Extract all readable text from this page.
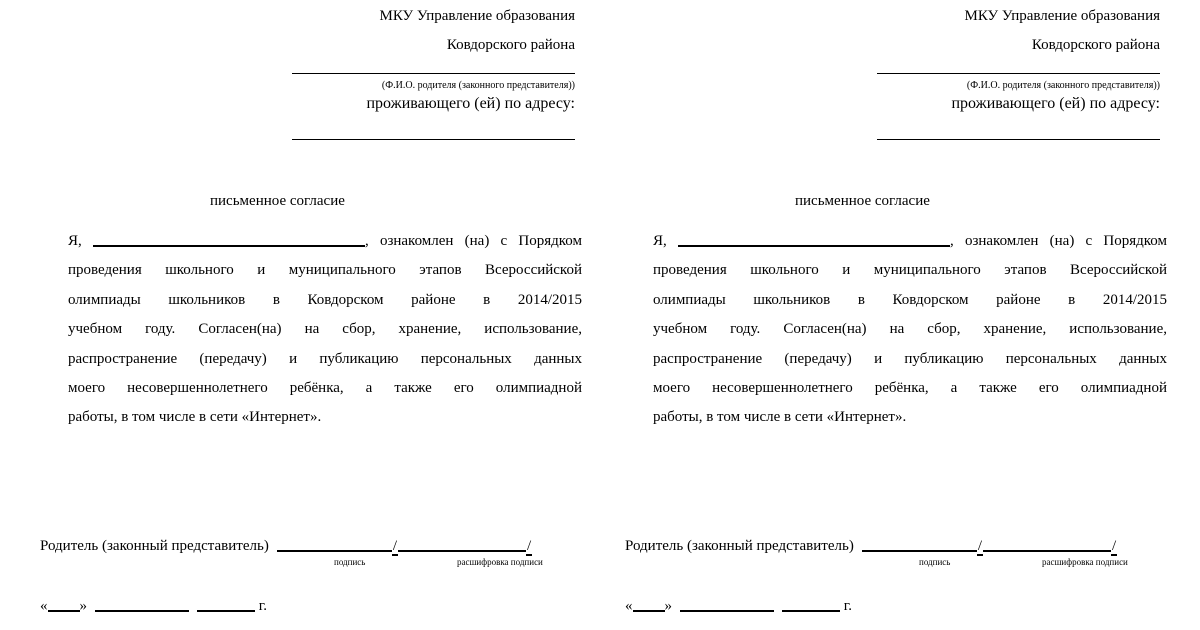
МКУ Управление образования
Ковдорского района
(Ф.И.О. родителя (законного представителя))
проживающего (ей) по адресу:
письменное согласие
Я,	, ознакомлен (на) с Порядком
проведения школьного и муниципального этапов Всероссийской
олимпиады школьников в Ковдорском районе в 2014/2015
учебном году. Согласен(на) на сбор, хранение, использование,
распространение (передачу) и публикацию персональных данных
моего несовершеннолетнего ребёнка, а также его олимпиадной
работы, в том числе в сети «Интернет».
Родитель (законный представитель)	/	/
подпись	расшифровка подписи
« »	г.
МКУ Управление образования
Ковдорского района
(Ф.И.О. родителя (законного представителя))
проживающего (ей) по адресу:
письменное согласие
Я,	, ознакомлен (на) с Порядком
проведения школьного и муниципального этапов Всероссийской
олимпиады школьников в Ковдорском районе в 2014/2015
учебном году. Согласен(на) на сбор, хранение, использование,
распространение (передачу) и публикацию персональных данных
моего несовершеннолетнего ребёнка, а также его олимпиадной
работы, в том числе в сети «Интернет».
Родитель (законный представитель)	/	/
подпись	расшифровка подписи
« »	г.
